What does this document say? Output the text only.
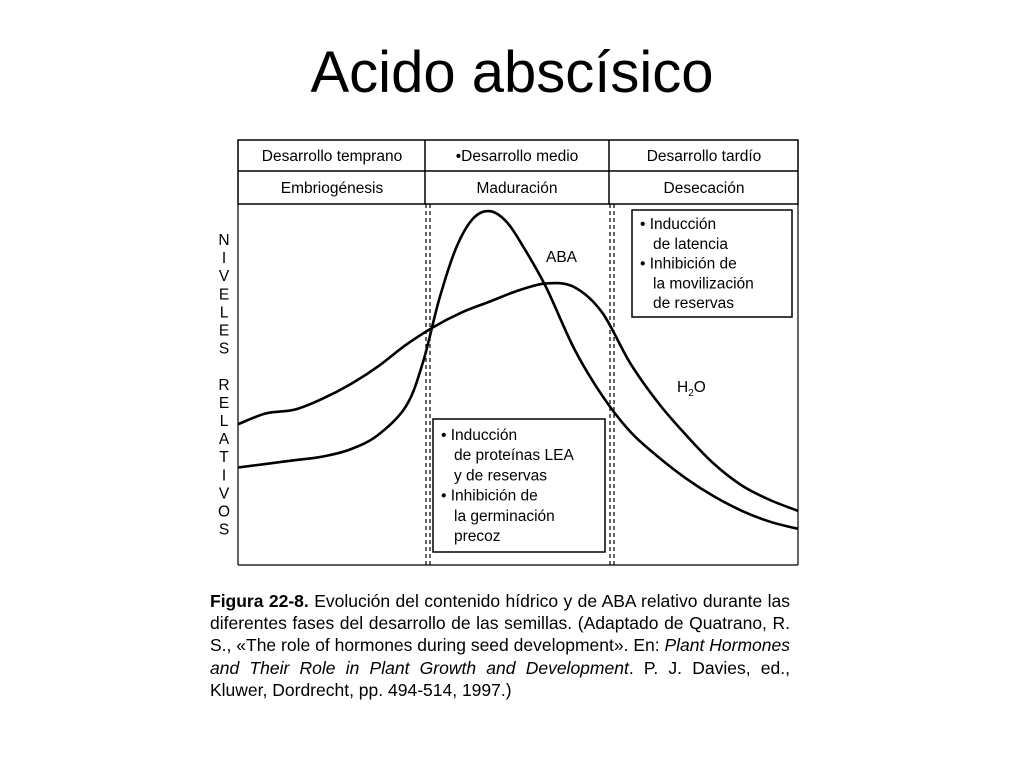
Acido abscísico
Desarrollo temprano	•Desarrollo medio	Desarrollo tardío
Embriogénesis	Maduración	Desecación
N
I
V
E
L
E
S
R
E
L
A
T
I
V
O
S
• Inducción
de proteínas LEA
y de reservas
• Inhibición de
la germinación
precoz
• Inducción
de latencia
• Inhibición de
la movilización
de reservas
ABA
$H_2O$
Figura 22-8. Evolución del contenido hídrico y de ABA relativo durante las diferentes fases del desarrollo de las semillas. (Adaptado de Quatrano, R. S., «The role of hormones during seed development». En: Plant Hormones and Their Role in Plant Growth and Development. P. J. Davies, ed., Kluwer, Dordrecht, pp. 494-514, 1997.)
